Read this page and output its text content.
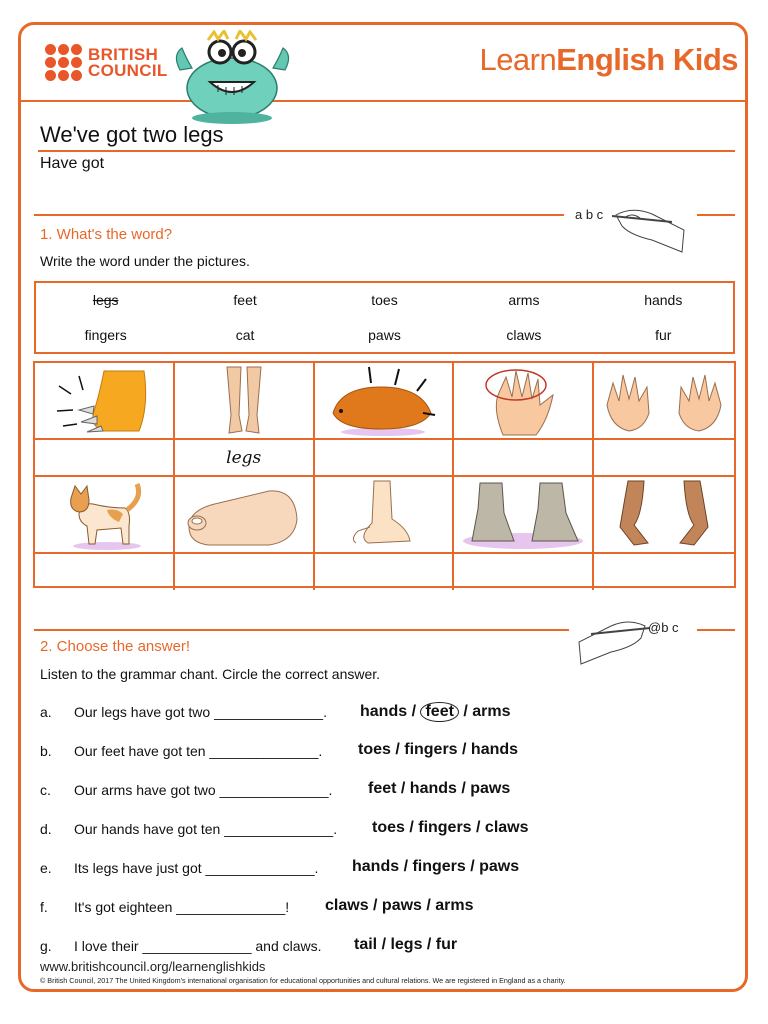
BRITISH
COUNCIL	LearnEnglish Kids
We've got two legs
Have got
a b c
1. What's the word?
Write the word under the pictures.
legs	feet	toes	arms	hands
fingers	cat	paws	claws	fur
legs
@b c
2. Choose the answer!
Listen to the grammar chant. Circle the correct answer.
a.	Our legs have got two ______________. hands / feet / arms
b.	Our feet have got ten ______________. toes / fingers / hands
c.	Our arms have got two ______________. feet / hands / paws
d.	Our hands have got ten ______________. toes / fingers / claws
e.	Its legs have just got ______________. hands / fingers / paws
f.	It's got eighteen ______________! claws / paws / arms
g.	I love their ______________ and claws. tail / legs / fur
www.britishcouncil.org/learnenglishkids
© British Council, 2017 The United Kingdom's international organisation for educational opportunities and cultural relations. We are registered in England as a charity.
